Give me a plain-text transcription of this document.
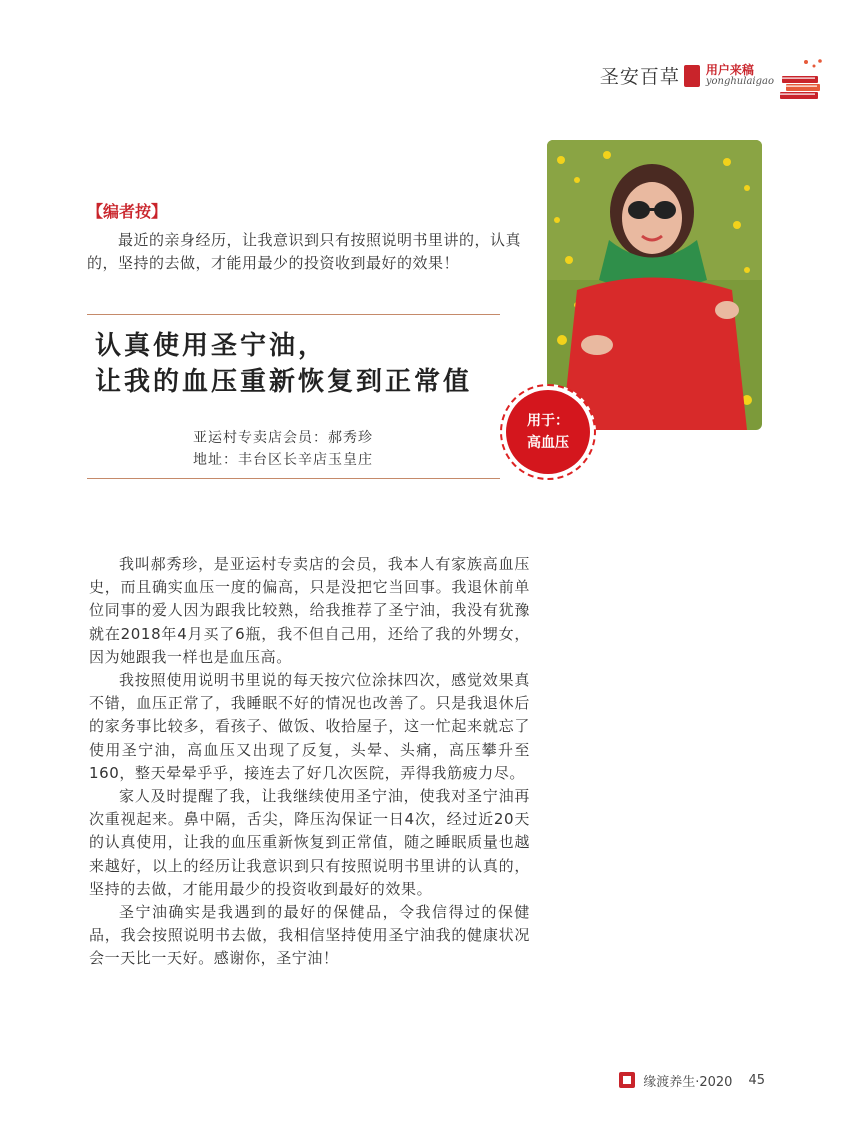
圣安百草 用户来稿
yonghulaigao
【编者按】
最近的亲身经历，让我意识到只有按照说明书里讲的，认真的，坚持的去做，才能用最少的投资收到最好的效果！
认真使用圣宁油，
让我的血压重新恢复到正常值
亚运村专卖店会员：郝秀珍
地址：丰台区长辛店玉皇庄
用于：
高血压

我叫郝秀珍，是亚运村专卖店的会员，我本人有家族高血压史，而且确实血压一度的偏高，只是没把它当回事。我退休前单位同事的爱人因为跟我比较熟，给我推荐了圣宁油，我没有犹豫就在2018年4月买了6瓶，我不但自己用，还给了我的外甥女，因为她跟我一样也是血压高。

我按照使用说明书里说的每天按穴位涂抹四次，感觉效果真不错，血压正常了，我睡眠不好的情况也改善了。只是我退休后的家务事比较多，看孩子、做饭、收拾屋子，这一忙起来就忘了使用圣宁油，高血压又出现了反复，头晕、头痛，高压攀升至160，整天晕晕乎乎，接连去了好几次医院，弄得我筋疲力尽。

家人及时提醒了我，让我继续使用圣宁油，使我对圣宁油再次重视起来。鼻中隔，舌尖，降压沟保证一日4次，经过近20天的认真使用，让我的血压重新恢复到正常值，随之睡眠质量也越来越好，以上的经历让我意识到只有按照说明书里讲的认真的，坚持的去做，才能用最少的投资收到最好的效果。

圣宁油确实是我遇到的最好的保健品，令我信得过的保健品，我会按照说明书去做，我相信坚持使用圣宁油我的健康状况会一天比一天好。感谢你，圣宁油！

缘渡养生·2020 45
